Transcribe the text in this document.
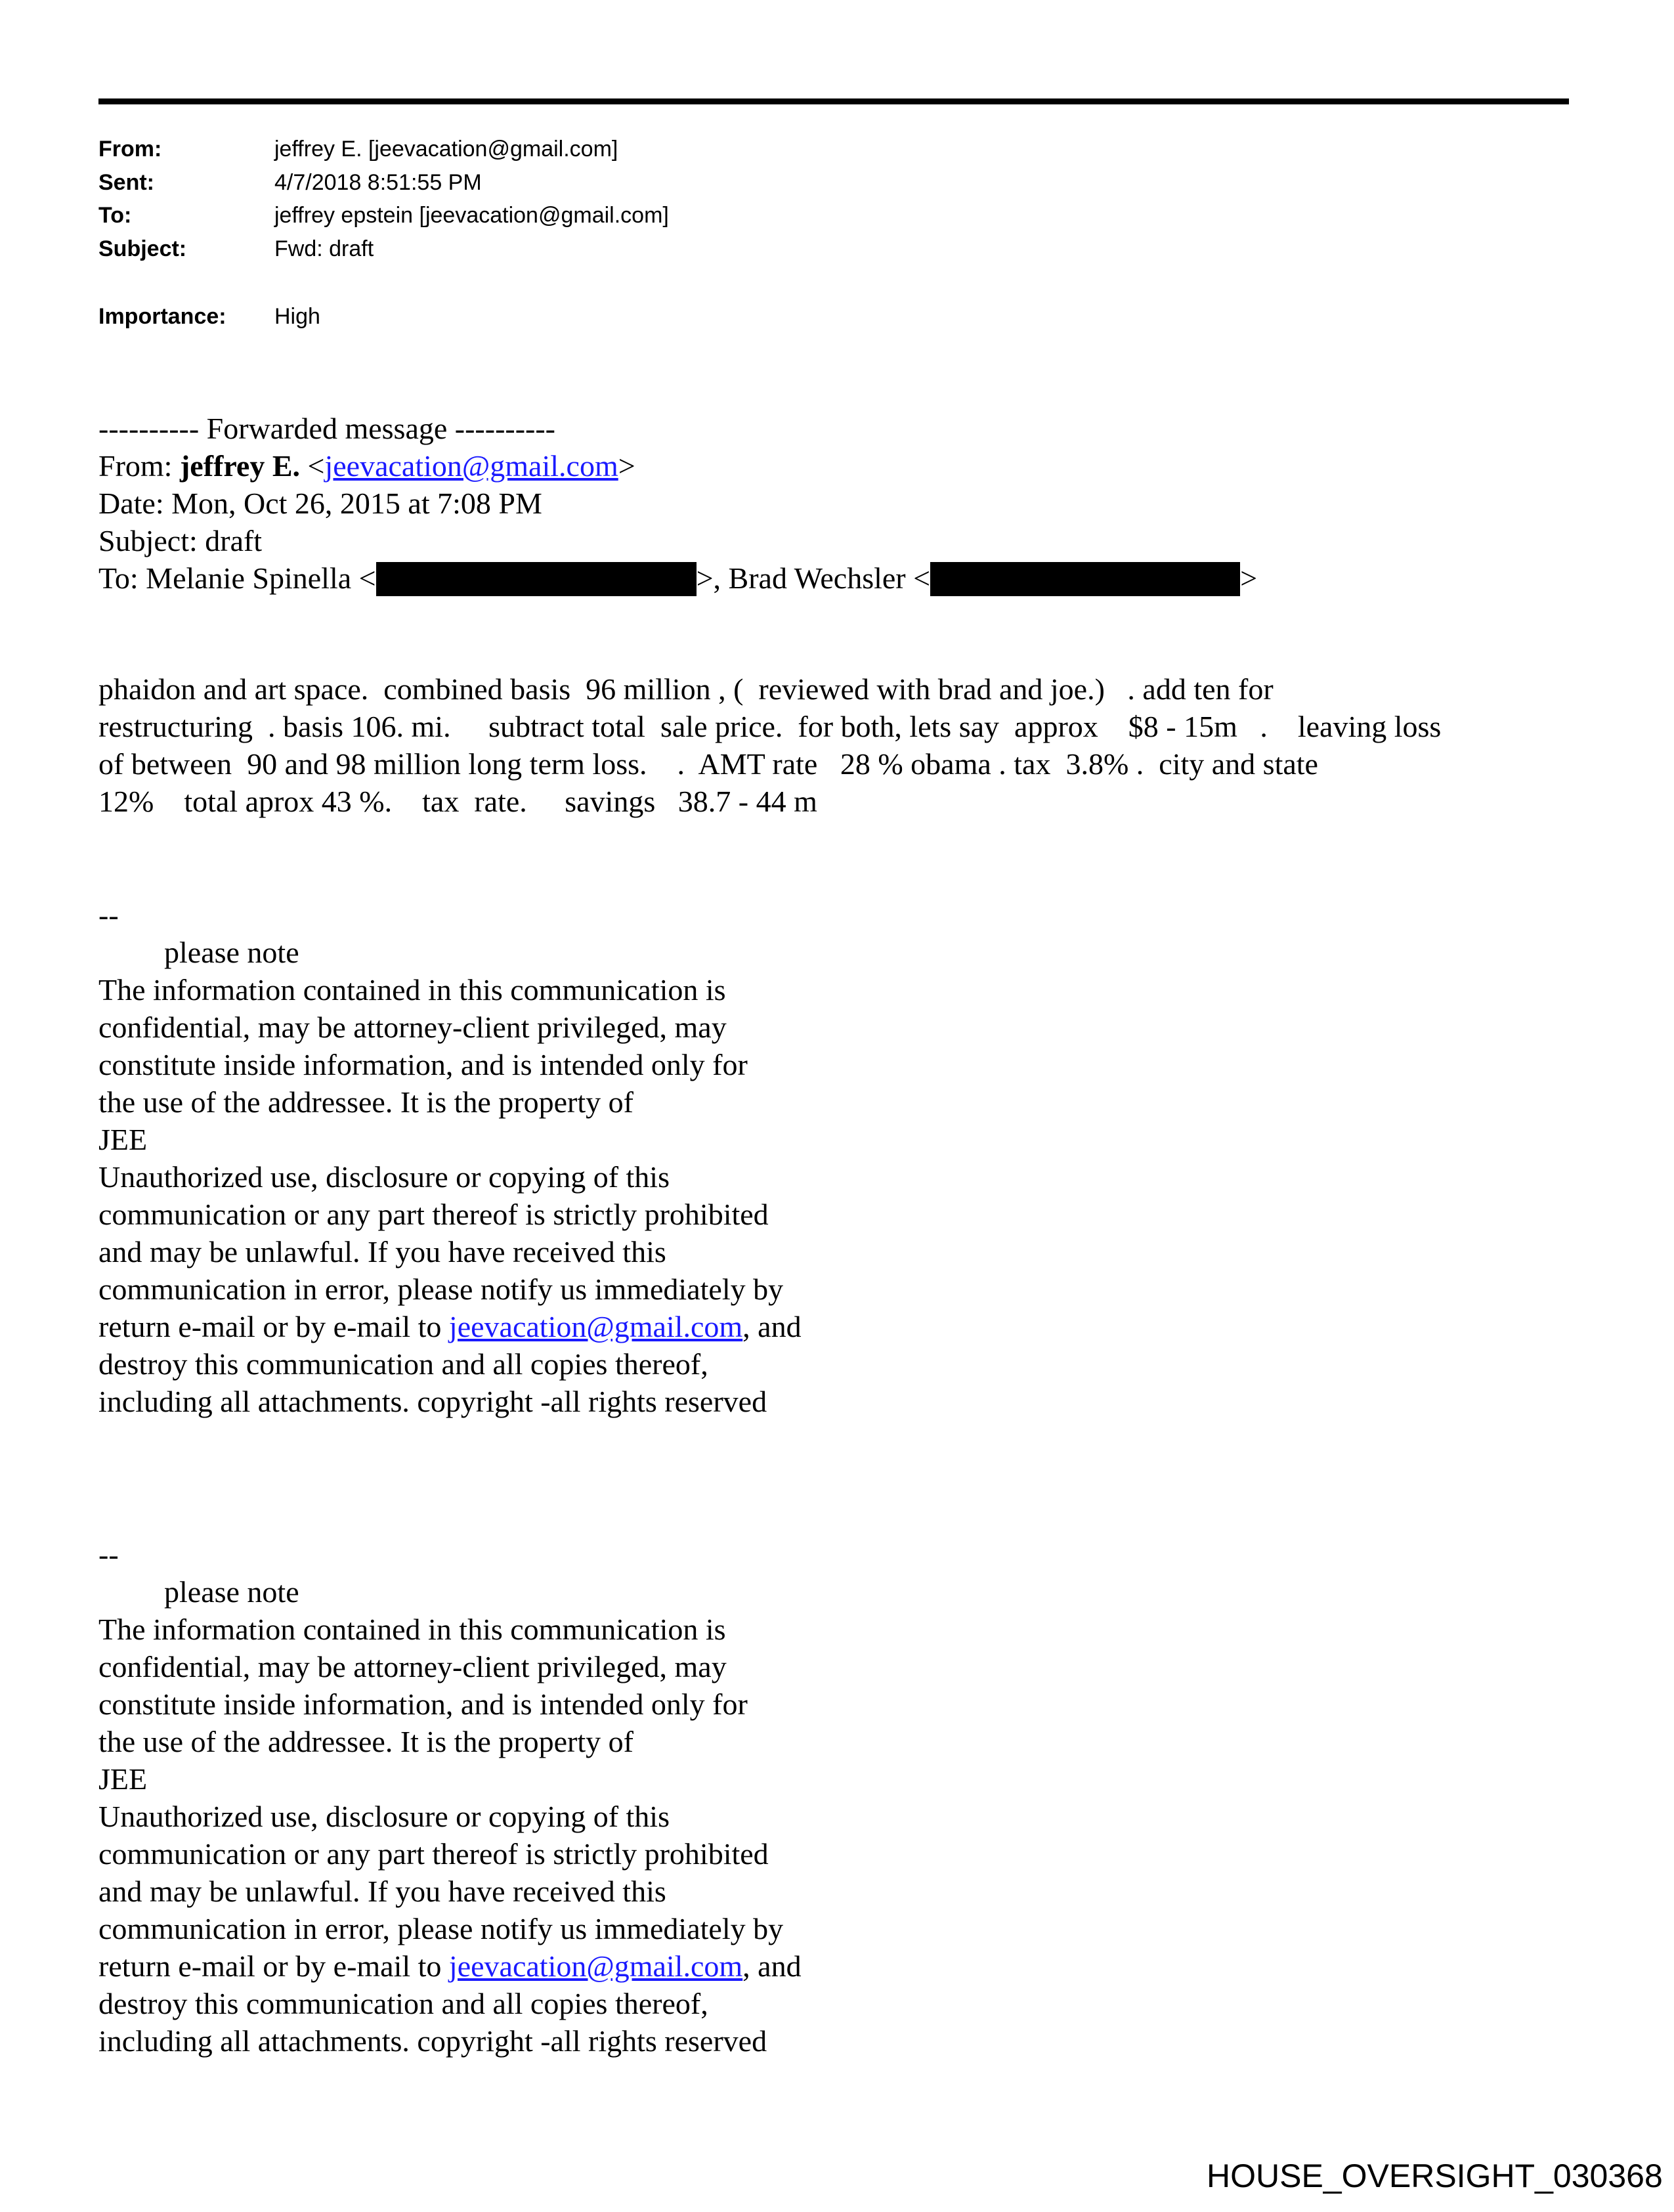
From:	jeffrey E. [jeevacation@gmail.com]
Sent:	4/7/2018 8:51:55 PM
To:	jeffrey epstein [jeevacation@gmail.com]
Subject:	Fwd: draft
Importance: High
---------- Forwarded message ----------
From: jeffrey E. <jeevacation@gmail.com>
Date: Mon, Oct 26, 2015 at 7:08 PM
Subject: draft
To: Melanie Spinella <	>, Brad Wechsler <	>
phaidon and art space.  combined basis  96 million , (  reviewed with brad and joe.)   . add ten for
restructuring  . basis 106. mi.     subtract total  sale price.  for both, lets say  approx    $8 - 15m   .    leaving loss
of between  90 and 98 million long term loss.    .  AMT rate   28 % obama . tax  3.8% .  city and state
12%    total aprox 43 %.    tax  rate.     savings   38.7 - 44 m
--
please note
The information contained in this communication is
confidential, may be attorney-client privileged, may
constitute inside information, and is intended only for
the use of the addressee. It is the property of
JEE
Unauthorized use, disclosure or copying of this
communication or any part thereof is strictly prohibited
and may be unlawful. If you have received this
communication in error, please notify us immediately by
return e-mail or by e-mail to jeevacation@gmail.com, and
destroy this communication and all copies thereof,
including all attachments. copyright -all rights reserved
--
please note
The information contained in this communication is
confidential, may be attorney-client privileged, may
constitute inside information, and is intended only for
the use of the addressee. It is the property of
JEE
Unauthorized use, disclosure or copying of this
communication or any part thereof is strictly prohibited
and may be unlawful. If you have received this
communication in error, please notify us immediately by
return e-mail or by e-mail to jeevacation@gmail.com, and
destroy this communication and all copies thereof,
including all attachments. copyright -all rights reserved
HOUSE_OVERSIGHT_030368
